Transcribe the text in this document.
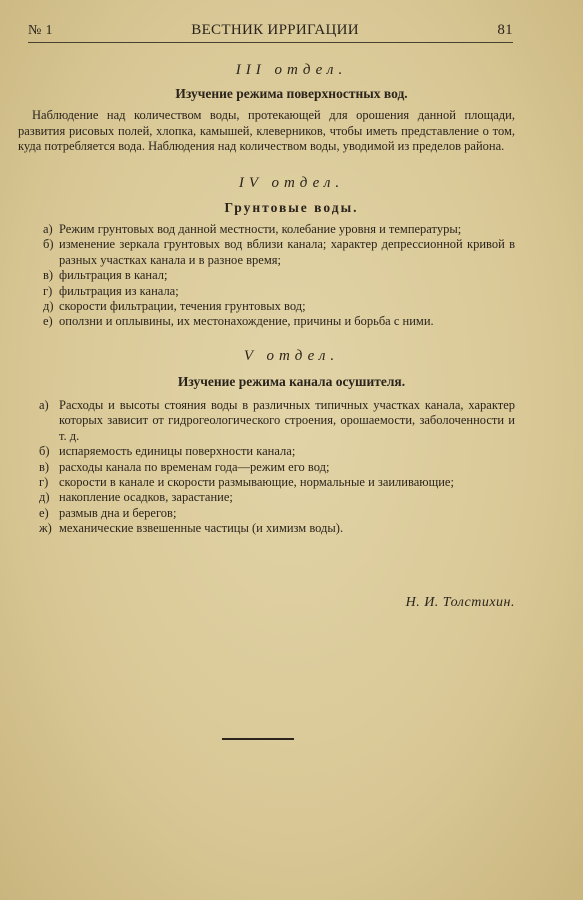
№ 1	ВЕСТНИК ИРРИГАЦИИ	81
III отдел.
Изучение режима поверхностных вод.
Наблюдение над количеством воды, протекающей для орошения данной площади, развития рисовых полей, хлопка, камышей, клеверников, чтобы иметь представление о том, куда потребляется вода. Наблюдения над количеством воды, уводимой из пределов района.
IV отдел.
Грунтовые воды.
а) Режим грунтовых вод данной местности, колебание уровня и температуры;
б) изменение зеркала грунтовых вод вблизи канала; характер депрессионной кривой в разных участках канала и в разное время;
в) фильтрация в канал;
г) фильтрация из канала;
д) скорости фильтрации, течения грунтовых вод;
е) оползни и оплывины, их местонахождение, причины и борьба с ними.
V отдел.
Изучение режима канала осушителя.
а) Расходы и высоты стояния воды в различных типичных участках канала, характер которых зависит от гидрогеологического строения, орошаемости, заболоченности и т. д.
б) испаряемость единицы поверхности канала;
в) расходы канала по временам года—режим его вод;
г) скорости в канале и скорости размывающие, нормальные и заиливающие;
д) накопление осадков, зарастание;
е) размыв дна и берегов;
ж) механические взвешенные частицы (и химизм воды).
Н. И. Толстихин.
